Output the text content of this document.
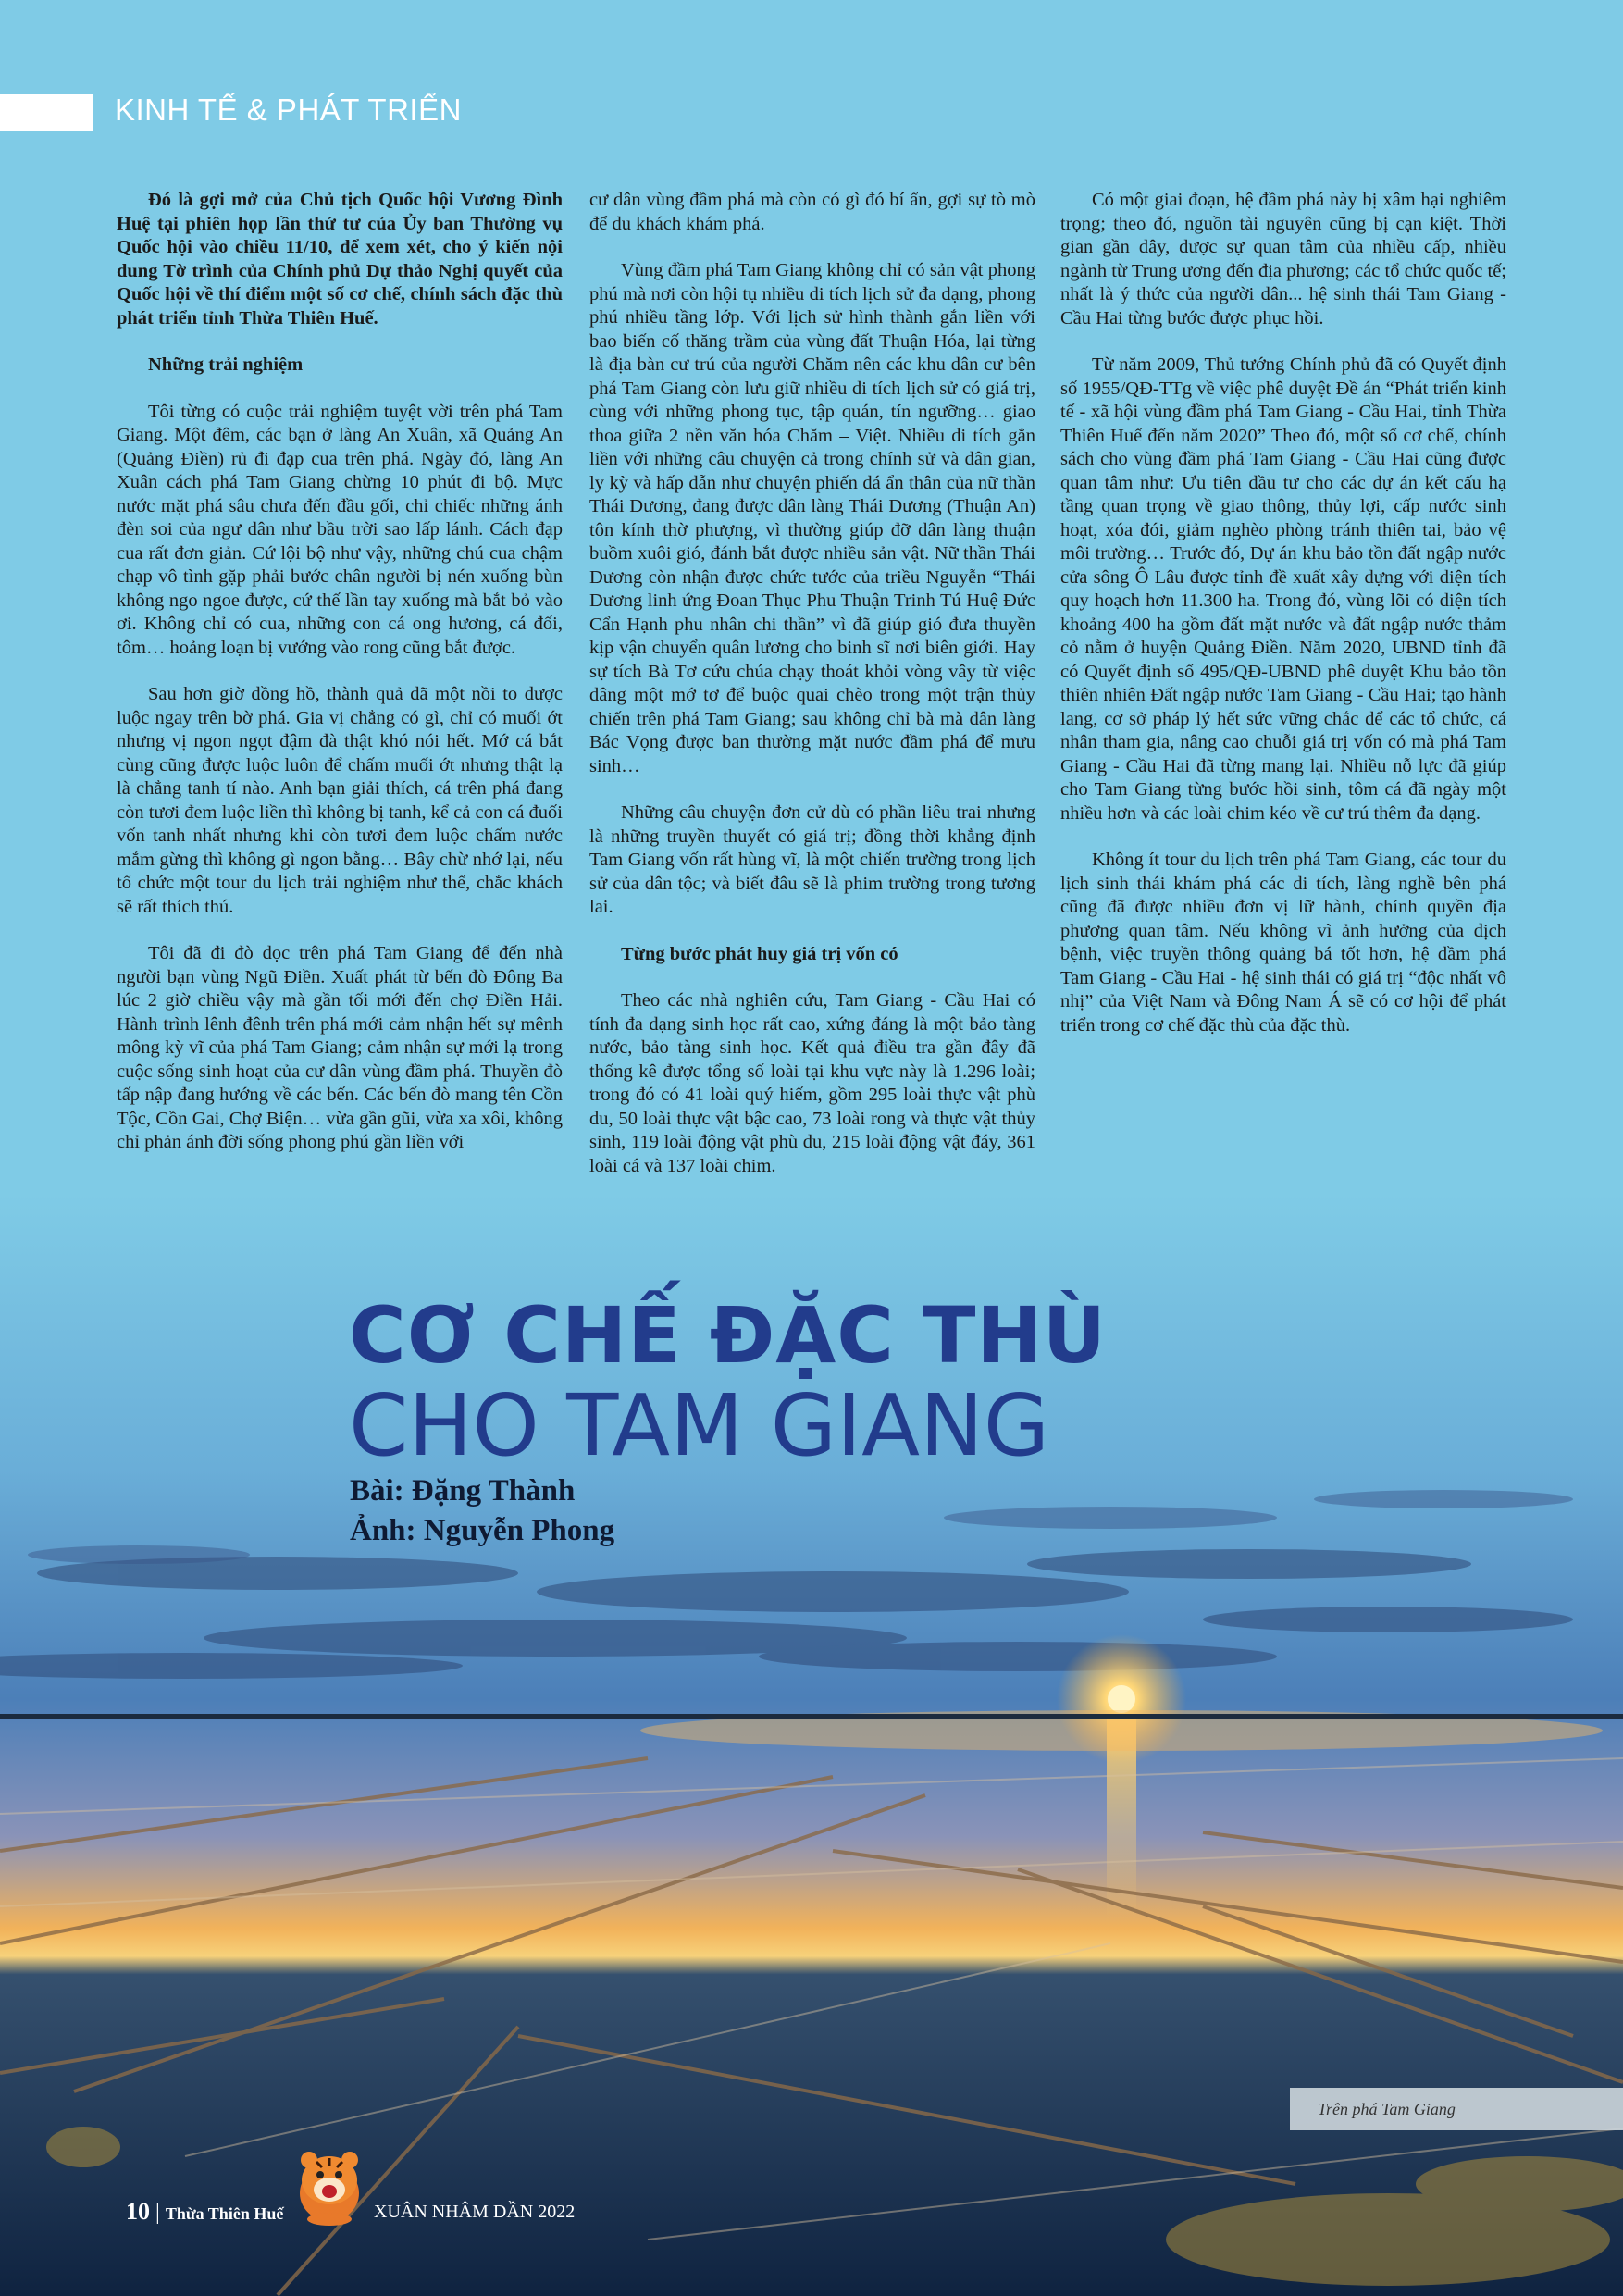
KINH TẾ & PHÁT TRIỂN

Đó là gợi mở của Chủ tịch Quốc hội Vương Đình Huệ tại phiên họp lần thứ tư của Ủy ban Thường vụ Quốc hội vào chiều 11/10, để xem xét, cho ý kiến nội dung Tờ trình của Chính phủ Dự thảo Nghị quyết của Quốc hội về thí điểm một số cơ chế, chính sách đặc thù phát triển tỉnh Thừa Thiên Huế.

Những trải nghiệm

Tôi từng có cuộc trải nghiệm tuyệt vời trên phá Tam Giang. Một đêm, các bạn ở làng An Xuân, xã Quảng An (Quảng Điền) rủ đi đạp cua trên phá. Ngày đó, làng An Xuân cách phá Tam Giang chừng 10 phút đi bộ. Mực nước mặt phá sâu chưa đến đầu gối, chỉ chiếc những ánh đèn soi của ngư dân như bầu trời sao lấp lánh. Cách đạp cua rất đơn giản. Cứ lội bộ như vậy, những chú cua chậm chạp vô tình gặp phải bước chân người bị nén xuống bùn không ngo ngoe được, cứ thế lần tay xuống mà bắt bỏ vào ơi. Không chỉ có cua, những con cá ong hương, cá đối, tôm… hoảng loạn bị vướng vào rong cũng bắt được.

Sau hơn giờ đồng hồ, thành quả đã một nồi to được luộc ngay trên bờ phá. Gia vị chẳng có gì, chỉ có muối ớt nhưng vị ngon ngọt đậm đà thật khó nói hết. Mớ cá bắt cùng cũng được luộc luôn để chấm muối ớt nhưng thật lạ là chẳng tanh tí nào. Anh bạn giải thích, cá trên phá đang còn tươi đem luộc liền thì không bị tanh, kể cả con cá đuối vốn tanh nhất nhưng khi còn tươi đem luộc chấm nước mắm gừng thì không gì ngon bằng… Bây chừ nhớ lại, nếu tổ chức một tour du lịch trải nghiệm như thế, chắc khách sẽ rất thích thú.

Tôi đã đi đò dọc trên phá Tam Giang để đến nhà người bạn vùng Ngũ Điền. Xuất phát từ bến đò Đông Ba lúc 2 giờ chiều vậy mà gần tối mới đến chợ Điền Hải. Hành trình lênh đênh trên phá mới cảm nhận hết sự mênh mông kỳ vĩ của phá Tam Giang; cảm nhận sự mới lạ trong cuộc sống sinh hoạt của cư dân vùng đầm phá. Thuyền đò tấp nập đang hướng về các bến. Các bến đò mang tên Cồn Tộc, Cồn Gai, Chợ Biện… vừa gần gũi, vừa xa xôi, không chỉ phản ánh đời sống phong phú gần liền với

cư dân vùng đầm phá mà còn có gì đó bí ẩn, gợi sự tò mò để du khách khám phá.

Vùng đầm phá Tam Giang không chỉ có sản vật phong phú mà nơi còn hội tụ nhiều di tích lịch sử đa dạng, phong phú nhiều tầng lớp. Với lịch sử hình thành gắn liền với bao biến cố thăng trầm của vùng đất Thuận Hóa, lại từng là địa bàn cư trú của người Chăm nên các khu dân cư bên phá Tam Giang còn lưu giữ nhiều di tích lịch sử có giá trị, cùng với những phong tục, tập quán, tín ngưỡng… giao thoa giữa 2 nền văn hóa Chăm – Việt. Nhiều di tích gắn liền với những câu chuyện cả trong chính sử và dân gian, ly kỳ và hấp dẫn như chuyện phiến đá ẩn thân của nữ thần Thái Dương, đang được dân làng Thái Dương (Thuận An) tôn kính thờ phượng, vì thường giúp đỡ dân làng thuận buồm xuôi gió, đánh bắt được nhiều sản vật. Nữ thần Thái Dương còn nhận được chức tước của triều Nguyễn “Thái Dương linh ứng Đoan Thục Phu Thuận Trinh Tú Huệ Đức Cẩn Hạnh phu nhân chi thần” vì đã giúp gió đưa thuyền kịp vận chuyển quân lương cho binh sĩ nơi biên giới. Hay sự tích Bà Tơ cứu chúa chạy thoát khỏi vòng vây từ việc dâng một mớ tơ để buộc quai chèo trong một trận thủy chiến trên phá Tam Giang; sau không chỉ bà mà dân làng Bác Vọng được ban thường mặt nước đầm phá để mưu sinh…

Những câu chuyện đơn cử dù có phần liêu trai nhưng là những truyền thuyết có giá trị; đồng thời khẳng định Tam Giang vốn rất hùng vĩ, là một chiến trường trong lịch sử của dân tộc; và biết đâu sẽ là phim trường trong tương lai.

Từng bước phát huy giá trị vốn có

Theo các nhà nghiên cứu, Tam Giang - Cầu Hai có tính đa dạng sinh học rất cao, xứng đáng là một bảo tàng nước, bảo tàng sinh học. Kết quả điều tra gần đây đã thống kê được tổng số loài tại khu vực này là 1.296 loài; trong đó có 41 loài quý hiếm, gồm 295 loài thực vật phù du, 50 loài thực vật bậc cao, 73 loài rong và thực vật thủy sinh, 119 loài động vật phù du, 215 loài động vật đáy, 361 loài cá và 137 loài chim.

Có một giai đoạn, hệ đầm phá này bị xâm hại nghiêm trọng; theo đó, nguồn tài nguyên cũng bị cạn kiệt. Thời gian gần đây, được sự quan tâm của nhiều cấp, nhiều ngành từ Trung ương đến địa phương; các tổ chức quốc tế; nhất là ý thức của người dân... hệ sinh thái Tam Giang - Cầu Hai từng bước được phục hồi.

Từ năm 2009, Thủ tướng Chính phủ đã có Quyết định số 1955/QĐ-TTg về việc phê duyệt Đề án “Phát triển kinh tế - xã hội vùng đầm phá Tam Giang - Cầu Hai, tỉnh Thừa Thiên Huế đến năm 2020” Theo đó, một số cơ chế, chính sách cho vùng đầm phá Tam Giang - Cầu Hai cũng được quan tâm như: Ưu tiên đầu tư cho các dự án kết cấu hạ tầng quan trọng về giao thông, thủy lợi, cấp nước sinh hoạt, xóa đói, giảm nghèo phòng tránh thiên tai, bảo vệ môi trường… Trước đó, Dự án khu bảo tồn đất ngập nước cửa sông Ô Lâu được tỉnh đề xuất xây dựng với diện tích quy hoạch hơn 11.300 ha. Trong đó, vùng lõi có diện tích khoảng 400 ha gồm đất mặt nước và đất ngập nước thảm cỏ nằm ở huyện Quảng Điền. Năm 2020, UBND tỉnh đã có Quyết định số 495/QĐ-UBND phê duyệt Khu bảo tồn thiên nhiên Đất ngập nước Tam Giang - Cầu Hai; tạo hành lang, cơ sở pháp lý hết sức vững chắc để các tổ chức, cá nhân tham gia, nâng cao chuỗi giá trị vốn có mà phá Tam Giang - Cầu Hai đã từng mang lại. Nhiều nỗ lực đã giúp cho Tam Giang từng bước hồi sinh, tôm cá đã ngày một nhiều hơn và các loài chim kéo về cư trú thêm đa dạng.

Không ít tour du lịch trên phá Tam Giang, các tour du lịch sinh thái khám phá các di tích, làng nghề bên phá cũng đã được nhiều đơn vị lữ hành, chính quyền địa phương quan tâm. Nếu không vì ảnh hưởng của dịch bệnh, việc truyền thông quảng bá tốt hơn, hệ đầm phá Tam Giang - Cầu Hai - hệ sinh thái có giá trị “độc nhất vô nhị” của Việt Nam và Đông Nam Á sẽ có cơ hội để phát triển trong cơ chế đặc thù của đặc thù.

CƠ CHẾ ĐẶC THÙ
CHO TAM GIANG
Bài: Đặng Thành
Ảnh: Nguyễn Phong
Trên phá Tam Giang
10 | Thừa Thiên Huế	XUÂN NHÂM DẦN 2022
